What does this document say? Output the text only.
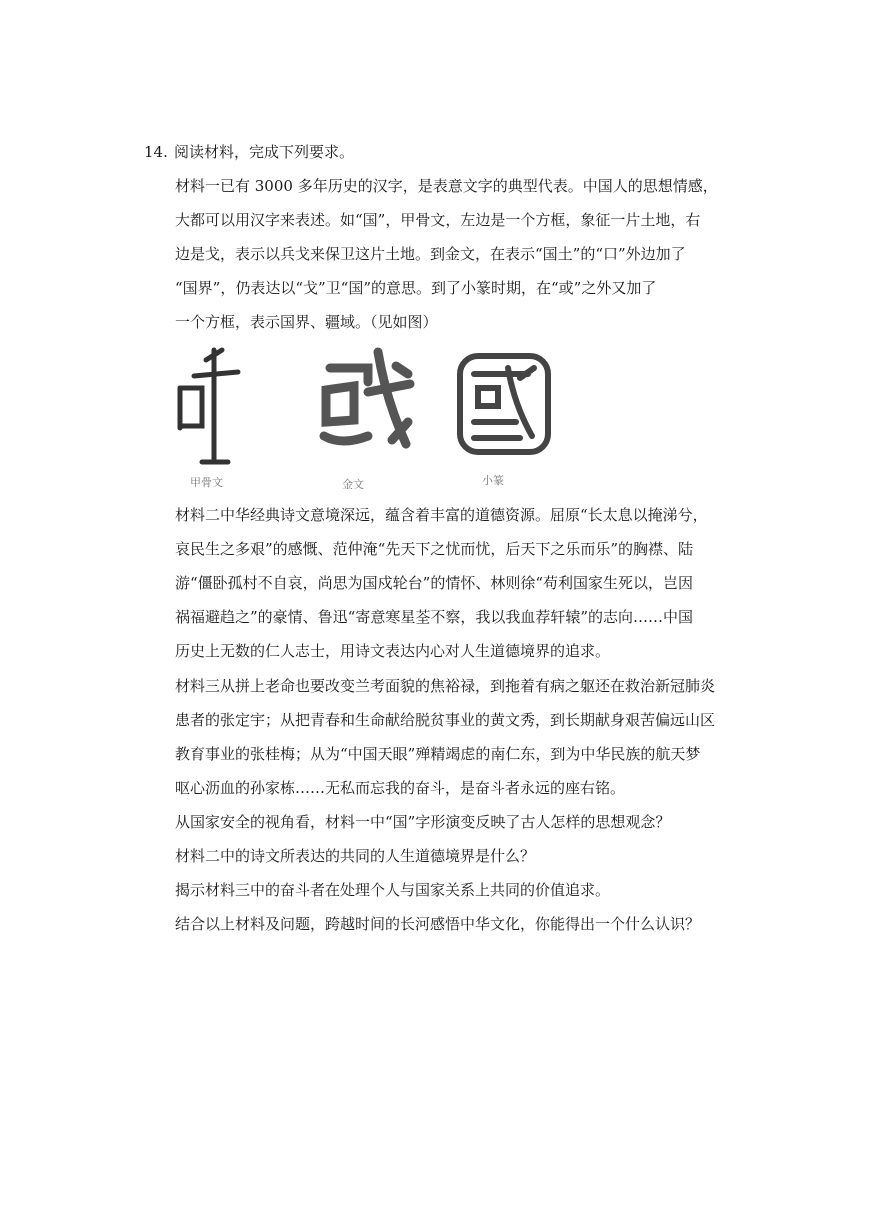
14. 阅读材料，完成下列要求。
材料一已有 3000 多年历史的汉字，是表意文字的典型代表。中国人的思想情感，
大都可以用汉字来表述。如“国”，甲骨文，左边是一个方框，象征一片土地，右
边是戈，表示以兵戈来保卫这片土地。到金文，在表示“国土”的“口”外边加了
“国界”，仍表达以“戈”卫“国”的意思。到了小篆时期，在“或”之外又加了
一个方框，表示国界、疆域。（见如图）
甲骨文	金文	小篆
材料二中华经典诗文意境深远，蕴含着丰富的道德资源。屈原“长太息以掩涕兮，
哀民生之多艰”的感慨、范仲淹“先天下之忧而忧，后天下之乐而乐”的胸襟、陆
游“僵卧孤村不自哀，尚思为国戍轮台”的情怀、林则徐“苟利国家生死以，岂因
祸福避趋之”的豪情、鲁迅“寄意寒星荃不察，我以我血荐轩辕”的志向……中国
历史上无数的仁人志士，用诗文表达内心对人生道德境界的追求。
材料三从拼上老命也要改变兰考面貌的焦裕禄，到拖着有病之躯还在救治新冠肺炎
患者的张定宇；从把青春和生命献给脱贫事业的黄文秀，到长期献身艰苦偏远山区
教育事业的张桂梅；从为“中国天眼”殚精竭虑的南仁东，到为中华民族的航天梦
呕心沥血的孙家栋……无私而忘我的奋斗，是奋斗者永远的座右铭。
从国家安全的视角看，材料一中“国”字形演变反映了古人怎样的思想观念？
材料二中的诗文所表达的共同的人生道德境界是什么？
揭示材料三中的奋斗者在处理个人与国家关系上共同的价值追求。
结合以上材料及问题，跨越时间的长河感悟中华文化，你能得出一个什么认识？
